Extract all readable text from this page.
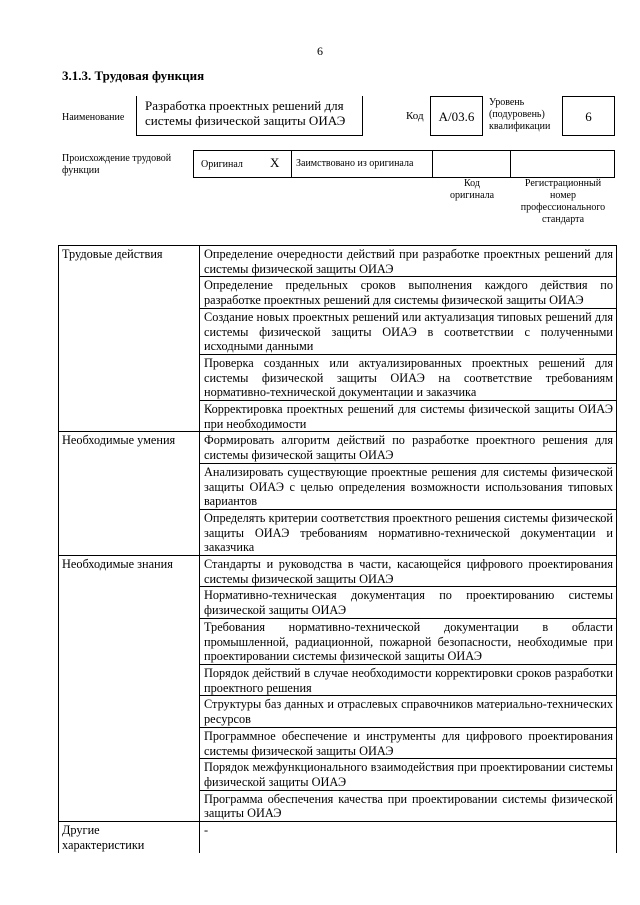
6
3.1.3. Трудовая функция
Наименование
Разработка проектных решений для
системы физической защиты ОИАЭ	Код	A/03.6
Уровень
(подуровень)
квалификации
6
Происхождение трудовой
функции
Оригинал X Заимствовано из оригинала
Код
оригинала
Регистрационный
номер
профессионального
стандарта
Трудовые действия	Определение очередности действий при разработке проектных решений для системы физической защиты ОИАЭ
	Определение предельных сроков выполнения каждого действия по разработке проектных решений для системы физической защиты ОИАЭ
	Создание новых проектных решений или актуализация типовых решений для системы физической защиты ОИАЭ в соответствии с полученными исходными данными
	Проверка созданных или актуализированных проектных решений для системы физической защиты ОИАЭ на соответствие требованиям нормативно-технической документации и заказчика
	Корректировка проектных решений для системы физической защиты ОИАЭ при необходимости
Необходимые умения	Формировать алгоритм действий по разработке проектного решения для системы физической защиты ОИАЭ
	Анализировать существующие проектные решения для системы физической защиты ОИАЭ с целью определения возможности использования типовых вариантов
	Определять критерии соответствия проектного решения системы физической защиты ОИАЭ требованиям нормативно-технической документации и заказчика
Необходимые знания	Стандарты и руководства в части, касающейся цифрового проектирования системы физической защиты ОИАЭ
	Нормативно-техническая документация по проектированию системы физической защиты ОИАЭ
	Требования нормативно-технической документации в области промышленной, радиационной, пожарной безопасности, необходимые при проектировании системы физической защиты ОИАЭ
	Порядок действий в случае необходимости корректировки сроков разработки проектного решения
	Структуры баз данных и отраслевых справочников материально-технических ресурсов
	Программное обеспечение и инструменты для цифрового проектирования системы физической защиты ОИАЭ
	Порядок межфункционального взаимодействия при проектировании системы физической защиты ОИАЭ
	Программа обеспечения качества при проектировании системы физической защиты ОИАЭ

Другие
характеристики	-
